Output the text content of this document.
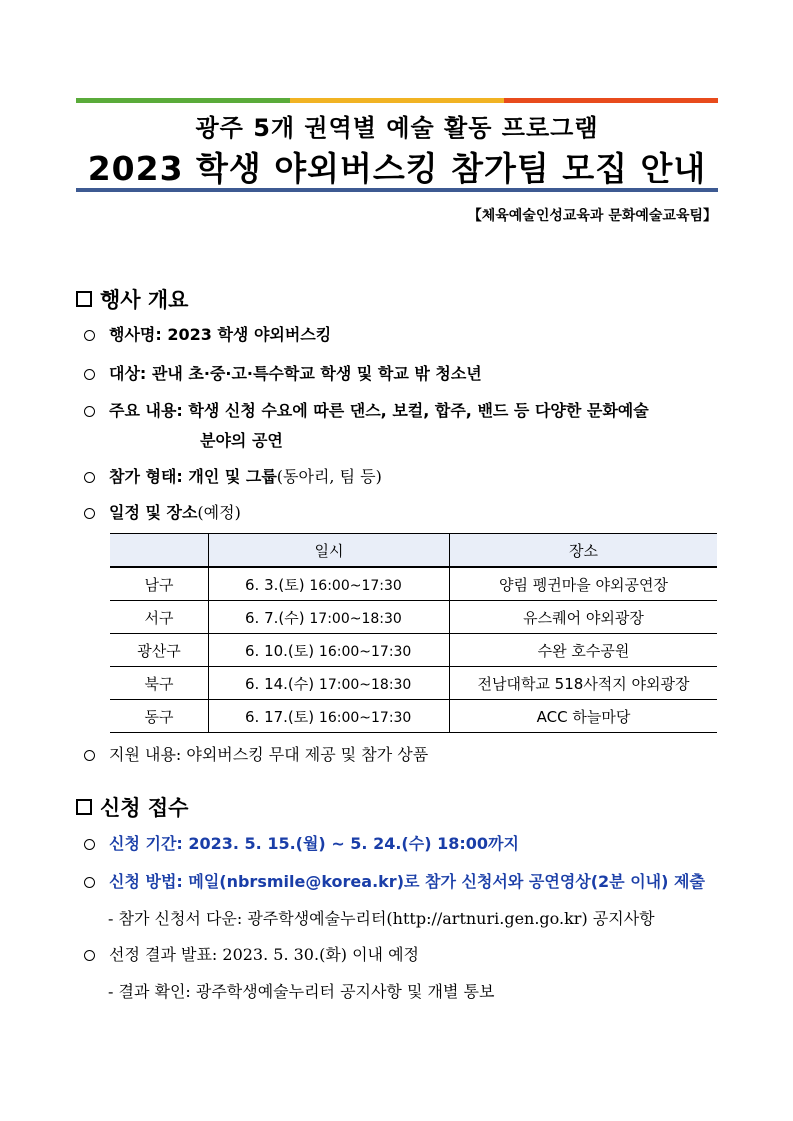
광주 5개 권역별 예술 활동 프로그램
2023 학생 야외버스킹 참가팀 모집 안내
【체육예술인성교육과 문화예술교육팀】
행사 개요
행사명: 2023 학생 야외버스킹
대상: 관내 초·중·고·특수학교 학생 및 학교 밖 청소년
주요 내용: 학생 신청 수요에 따른 댄스, 보컬, 합주, 밴드 등 다양한 문화예술
분야의 공연
참가 형태: 개인 및 그룹(동아리, 팀 등)
일정 및 장소(예정)
	일시	장소
남구	6. 3.(토) 16:00~17:30	양림 펭귄마을 야외공연장
서구	6. 7.(수) 17:00~18:30	유스퀘어 야외광장
광산구	6. 10.(토) 16:00~17:30	수완 호수공원
북구	6. 14.(수) 17:00~18:30	전남대학교 518사적지 야외광장
동구	6. 17.(토) 16:00~17:30	ACC 하늘마당
지원 내용: 야외버스킹 무대 제공 및 참가 상품
신청 접수
신청 기간: 2023. 5. 15.(월) ~ 5. 24.(수) 18:00까지
신청 방법: 메일(nbrsmile@korea.kr)로 참가 신청서와 공연영상(2분 이내) 제출
- 참가 신청서 다운: 광주학생예술누리터(http://artnuri.gen.go.kr) 공지사항
선정 결과 발표: 2023. 5. 30.(화) 이내 예정
- 결과 확인: 광주학생예술누리터 공지사항 및 개별 통보
